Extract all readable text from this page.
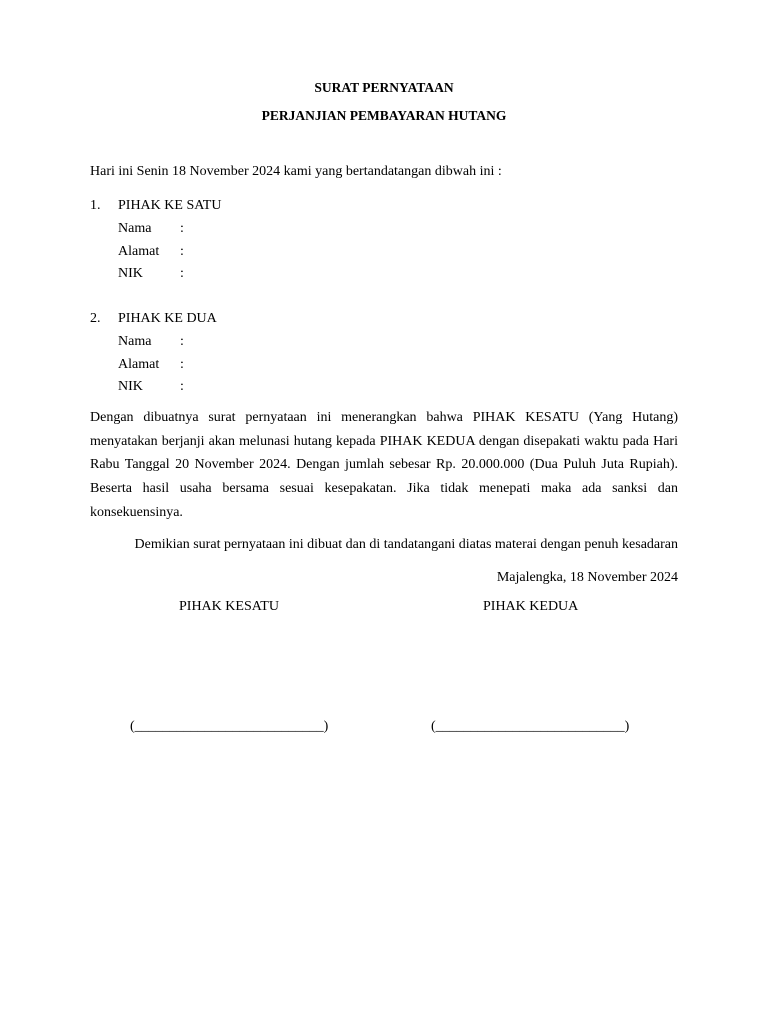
SURAT PERNYATAAN
PERJANJIAN PEMBAYARAN HUTANG
Hari ini Senin 18 November 2024 kami yang bertandatangan dibwah ini :
1. PIHAK KE SATU
Nama :
Alamat :
NIK	:
2. PIHAK KE DUA
Nama :
Alamat :
NIK	:
Dengan dibuatnya surat pernyataan ini menerangkan bahwa PIHAK KESATU (Yang Hutang) menyatakan berjanji akan melunasi hutang kepada PIHAK KEDUA dengan disepakati waktu pada Hari Rabu Tanggal 20 November 2024. Dengan jumlah sebesar Rp. 20.000.000 (Dua Puluh Juta Rupiah). Beserta hasil usaha bersama sesuai kesepakatan. Jika tidak menepati maka ada sanksi dan konsekuensinya.
Demikian surat pernyataan ini dibuat dan di tandatangani diatas materai dengan penuh kesadaran
Majalengka, 18 November 2024
PIHAK KESATU	PIHAK KEDUA
(___________________________)	(___________________________)
